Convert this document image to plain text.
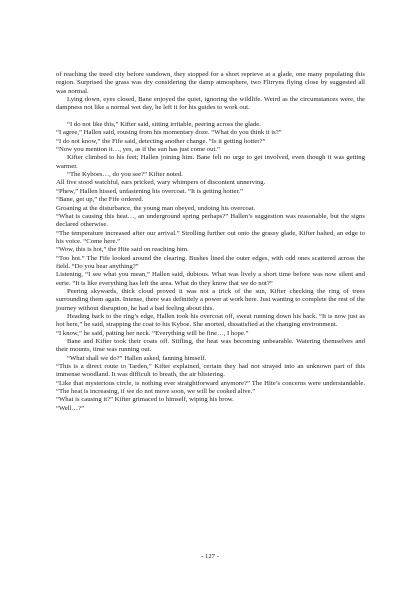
of reaching the treed city before sundown, they stopped for a short reprieve at a glade, one many populating this region. Surprised the grass was dry considering the damp atmosphere, two Flirryns flying close by suggested all was normal.

Lying down, eyes closed, Bane enjoyed the quiet, ignoring the wildlife. Weird as the circumstances were, the dampness not like a normal wet day, he left it for his guides to work out.

“I do not like this,” Kifter said, sitting irritable, peering across the glade.

“I agree,” Hallen said, rousing from his momentary doze. “What do you think it is?”

“I do not know,” the Fife said, detecting another change. “Is it getting hotter?”

“Now you mention it…, yes, as if the sun has just come out.”

Kifter climbed to his feet; Hallen joining him. Bane felt no urge to get involved, even though it was getting warmer.

“The Kyboes…, do you see?” Kifter noted.

All five stood watchful, ears pricked, wary whimpers of discontent unnerving.

“Phew,” Hallen hissed, unfastening his overcoat. “It is getting hotter.”

“Bane, get up,” the Fife ordered.

Groaning at the disturbance, the young man obeyed, undoing his overcoat.

“What is causing this heat…, an underground spring perhaps?” Hallen’s suggestion was reasonable, but the signs declared otherwise.

“The temperature increased after our arrival.” Strolling further out onto the grassy glade, Kifter halted, an edge to his voice. “Come here.”

“Wow, this is hot,” the Hite said on reaching him.

“Too hot.” The Fife looked around the clearing. Bushes lined the outer edges, with odd ones scattered across the field. “Do you hear anything?”

Listening, “I see what you mean,” Hallen said, dubious. What was lively a short time before was now silent and eerie. “It is like everything has left the area. What do they know that we do not?”

Peering skywards, thick cloud proved it was not a trick of the sun, Kifter checking the ring of trees surrounding them again. Intense, there was definitely a power at work here. Just wanting to complete the rest of the journey without disruption, he had a bad feeling about this.

Heading back to the ring’s edge, Hallen took his overcoat off, sweat running down his back. “It is now just as hot here,” he said, strapping the coat to his Kyboe. She snorted, dissatisfied at the changing environment.

“I know,” he said, patting her neck. “Everything will be fine…, I hope.”

Bane and Kifter took their coats off. Stifling, the heat was becoming unbearable. Watering themselves and their mounts, time was running out.

“What shall we do?” Hallen asked, fanning himself.

“This is a direct route to Tarden,” Kifter explained, certain they had not strayed into an unknown part of this immense woodland. It was difficult to breath, the air blistering.

“Like that mysterious circle, is nothing ever straightforward anymore?” The Hite’s concerns were understandable. “The heat is increasing, if we do not move soon, we will be cooked alive.”

“What is causing it?” Kifter grimaced to himself, wiping his brow.

“Well…?”

- 127 -
